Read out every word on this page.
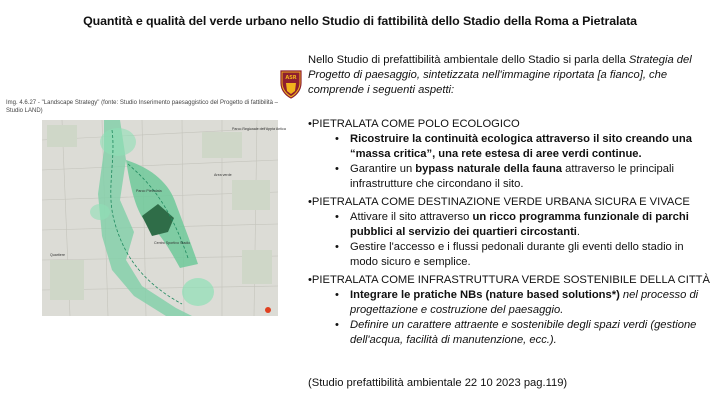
Quantità e qualità del verde urbano nello Studio di fattibilità dello Stadio della Roma a Pietralata
Img. 4.6.27 - "Landscape Strategy" (fonte: Studio Inserimento paesaggistico del Progetto di fattibilità – Studio LAND)
Parco Regionale dell'Appia Antica
Parco Pietralata
Centro Sportivo Stadio
Quartiere
Area verde
ASR

Nello Studio di prefattibilità ambientale dello Stadio si parla della Strategia del Progetto di paesaggio, sintetizzata nell'immagine riportata [a fianco], che comprende i seguenti aspetti:

•PIETRALATA COME POLO ECOLOGICO

• Ricostruire la continuità ecologica attraverso il sito creando una “massa critica”, una rete estesa di aree verdi continue.
• Garantire un bypass naturale della fauna attraverso le principali infrastrutture che circondano il sito.

•PIETRALATA COME DESTINAZIONE VERDE URBANA SICURA E VIVACE

• Attivare il sito attraverso un ricco programma funzionale di parchi pubblici al servizio dei quartieri circostanti.
• Gestire l'accesso e i flussi pedonali durante gli eventi dello stadio in modo sicuro e semplice.

•PIETRALATA COME INFRASTRUTTURA VERDE SOSTENIBILE DELLA CITTÀ

• Integrare le pratiche NBs (nature based solutions*) nel processo di progettazione e costruzione del paesaggio.
• Definire un carattere attraente e sostenibile degli spazi verdi (gestione dell'acqua, facilità di manutenzione, ecc.).
(Studio prefattibilità ambientale 22 10 2023 pag.119)
